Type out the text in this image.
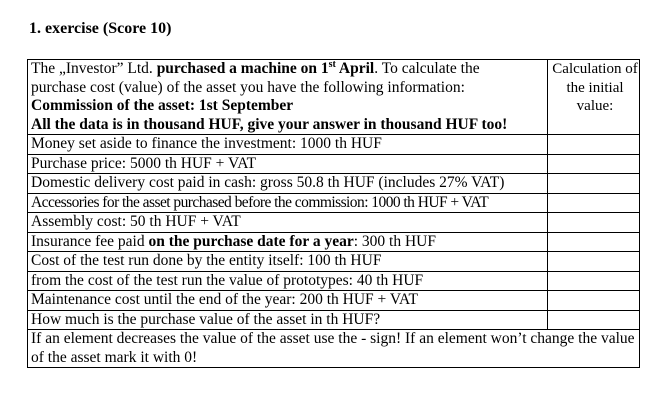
1. exercise (Score 10)
The „Investor” Ltd. purchased a machine on 1st April. To calculate the
purchase cost (value) of the asset you have the following information:
Commission of the asset: 1st September
All the data is in thousand HUF, give your answer in thousand HUF too!	Calculation of the initial value:
Money set aside to finance the investment: 1000 th HUF	
Purchase price: 5000 th HUF + VAT	
Domestic delivery cost paid in cash: gross 50.8 th HUF (includes 27% VAT)	
Accessories for the asset purchased before the commission: 1000 th HUF + VAT	
Assembly cost: 50 th HUF + VAT	
Insurance fee paid on the purchase date for a year: 300 th HUF	
Cost of the test run done by the entity itself: 100 th HUF	
from the cost of the test run the value of prototypes: 40 th HUF	
Maintenance cost until the end of the year: 200 th HUF + VAT	
How much is the purchase value of the asset in th HUF?	
If an element decreases the value of the asset use the - sign! If an element won’t change the value of the asset mark it with 0!	
